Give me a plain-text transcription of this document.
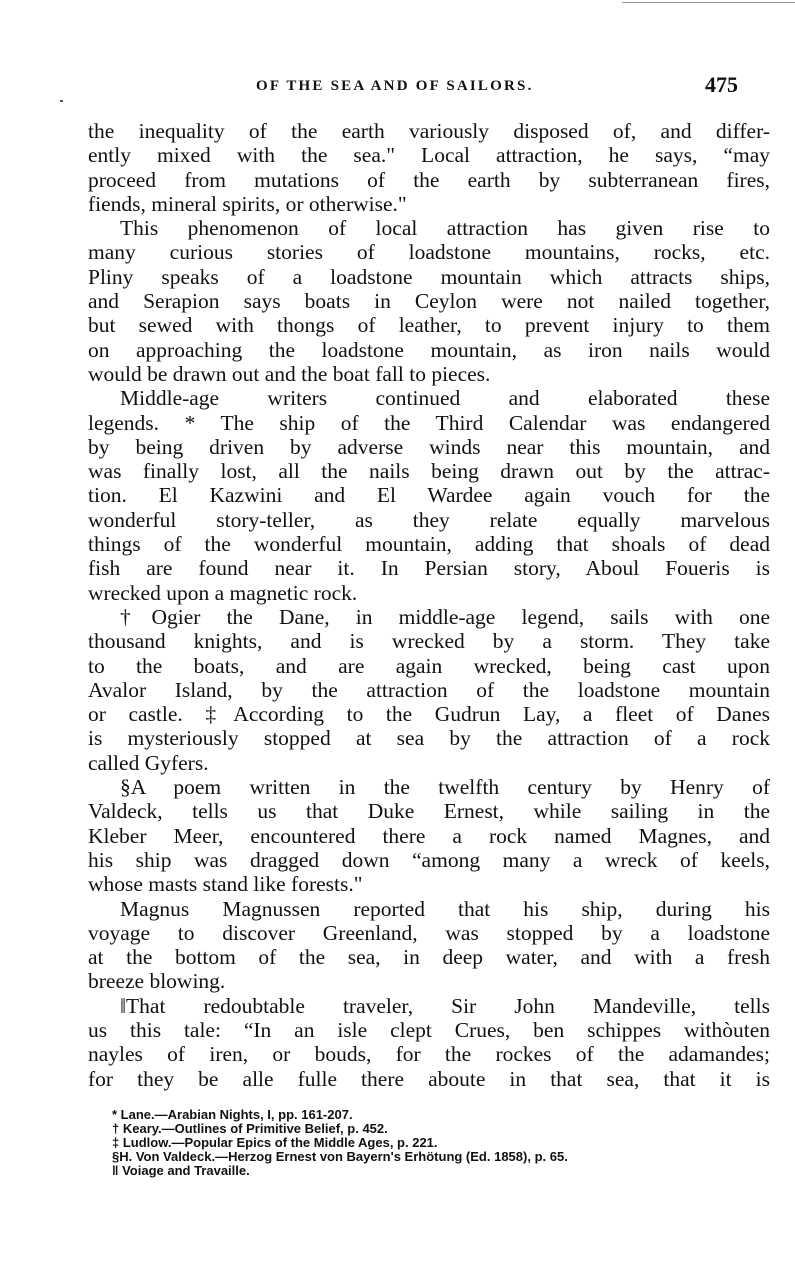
OF THE SEA AND OF SAILORS.	475
the inequality of the earth variously disposed of, and differ-
ently mixed with the sea." Local attraction, he says, “may
proceed from mutations of the earth by subterranean fires,
fiends, mineral spirits, or otherwise."
This phenomenon of local attraction has given rise to
many curious stories of loadstone mountains, rocks, etc.
Pliny speaks of a loadstone mountain which attracts ships,
and Serapion says boats in Ceylon were not nailed together,
but sewed with thongs of leather, to prevent injury to them
on approaching the loadstone mountain, as iron nails would
would be drawn out and the boat fall to pieces.
Middle-age writers continued and elaborated these
legends. * The ship of the Third Calendar was endangered
by being driven by adverse winds near this mountain, and
was finally lost, all the nails being drawn out by the attrac-
tion. El Kazwini and El Wardee again vouch for the
wonderful story-teller, as they relate equally marvelous
things of the wonderful mountain, adding that shoals of dead
fish are found near it. In Persian story, Aboul Foueris is
wrecked upon a magnetic rock.
†Ogier the Dane, in middle-age legend, sails with one
thousand knights, and is wrecked by a storm. They take
to the boats, and are again wrecked, being cast upon
Avalor Island, by the attraction of the loadstone mountain
or castle. ‡According to the Gudrun Lay, a fleet of Danes
is mysteriously stopped at sea by the attraction of a rock
called Gyfers.
§A poem written in the twelfth century by Henry of
Valdeck, tells us that Duke Ernest, while sailing in the
Kleber Meer, encountered there a rock named Magnes, and
his ship was dragged down “among many a wreck of keels,
whose masts stand like forests."
Magnus Magnussen reported that his ship, during his
voyage to discover Greenland, was stopped by a loadstone
at the bottom of the sea, in deep water, and with a fresh
breeze blowing.
‖That redoubtable traveler, Sir John Mandeville, tells
us this tale: “In an isle clept Crues, ben schippes withòuten
nayles of iren, or bouds, for the rockes of the adamandes;
for they be alle fulle there aboute in that sea, that it is
* Lane.—Arabian Nights, I, pp. 161-207.
† Keary.—Outlines of Primitive Belief, p. 452.
‡ Ludlow.—Popular Epics of the Middle Ages, p. 221.
§H. Von Valdeck.—Herzog Ernest von Bayern's Erhötung (Ed. 1858), p. 65.
‖ Voiage and Travaille.
